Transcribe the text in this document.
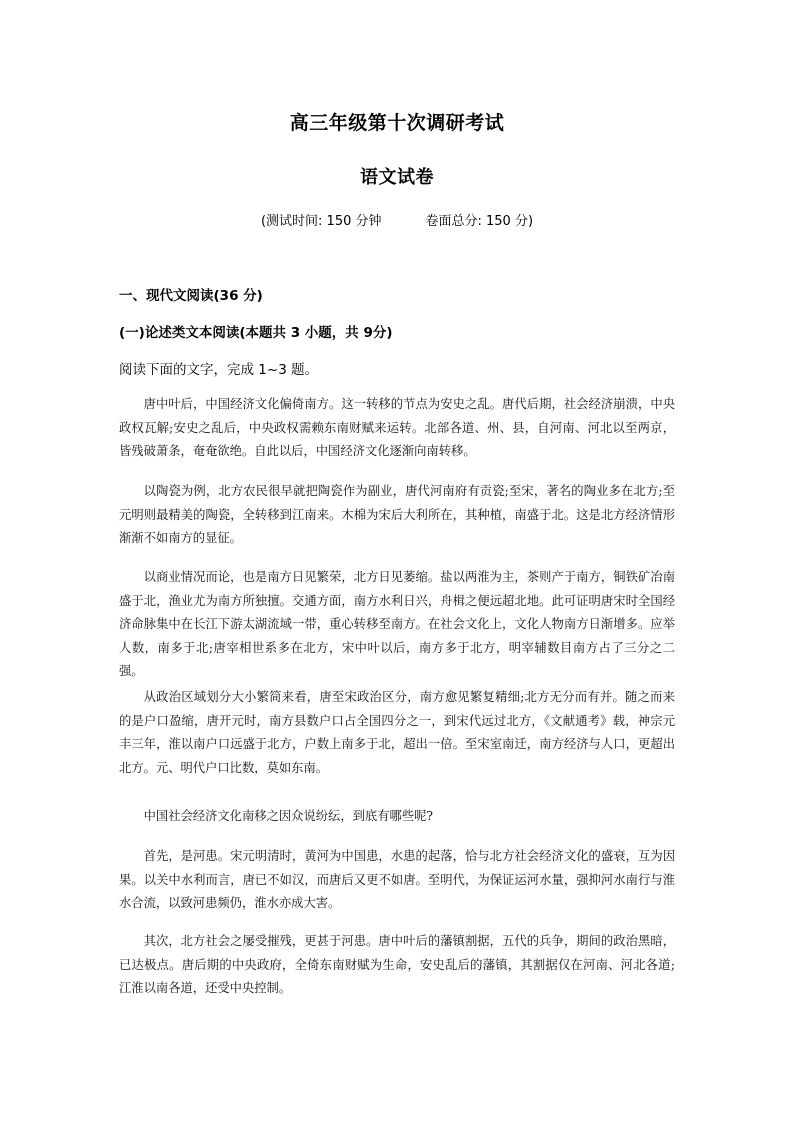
高三年级第十次调研考试
语文试卷
(测试时间: 150 分钟	卷面总分: 150 分)
一、现代文阅读(36 分)
(一)论述类文本阅读(本题共 3 小题，共 9分)
阅读下面的文字，完成 1~3 题。

唐中叶后，中国经济文化偏倚南方。这一转移的节点为安史之乱。唐代后期，社会经济崩溃，中央政权瓦解;安史之乱后，中央政权需赖东南财赋来运转。北部各道、州、县，自河南、河北以至两京，皆残破萧条，奄奄欲绝。自此以后，中国经济文化逐渐向南转移。

以陶瓷为例，北方农民很早就把陶瓷作为副业，唐代河南府有贡瓷;至宋，著名的陶业多在北方;至元明则最精美的陶瓷，全转移到江南来。木棉为宋后大利所在，其种植，南盛于北。这是北方经济情形渐渐不如南方的显征。

以商业情况而论，也是南方日见繁荣，北方日见萎缩。盐以两淮为主，茶则产于南方，铜铁矿冶南盛于北，渔业尤为南方所独擅。交通方面，南方水利日兴，舟楫之便远超北地。此可证明唐宋时全国经济命脉集中在长江下游太湖流域一带，重心转移至南方。在社会文化上，文化人物南方日渐增多。应举人数，南多于北;唐宰相世系多在北方，宋中叶以后，南方多于北方，明宰辅数目南方占了三分之二强。

从政治区域划分大小繁简来看，唐至宋政治区分，南方愈见繁复精细;北方无分而有并。随之而来的是户口盈缩，唐开元时，南方县数户口占全国四分之一，到宋代远过北方，《文献通考》载，神宗元丰三年，淮以南户口远盛于北方，户数上南多于北，超出一倍。至宋室南迁，南方经济与人口，更超出北方。元、明代户口比数，莫如东南。

中国社会经济文化南移之因众说纷纭，到底有哪些呢?

首先，是河患。宋元明清时，黄河为中国患，水患的起落，恰与北方社会经济文化的盛衰，互为因果。以关中水利而言，唐已不如汉，而唐后又更不如唐。至明代，为保证运河水量，强抑河水南行与淮水合流，以致河患频仍，淮水亦成大害。

其次，北方社会之屡受摧残，更甚于河患。唐中叶后的藩镇割据，五代的兵争，期间的政治黑暗，已达极点。唐后期的中央政府，全倚东南财赋为生命，安史乱后的藩镇，其割据仅在河南、河北各道;江淮以南各道，还受中央控制。
